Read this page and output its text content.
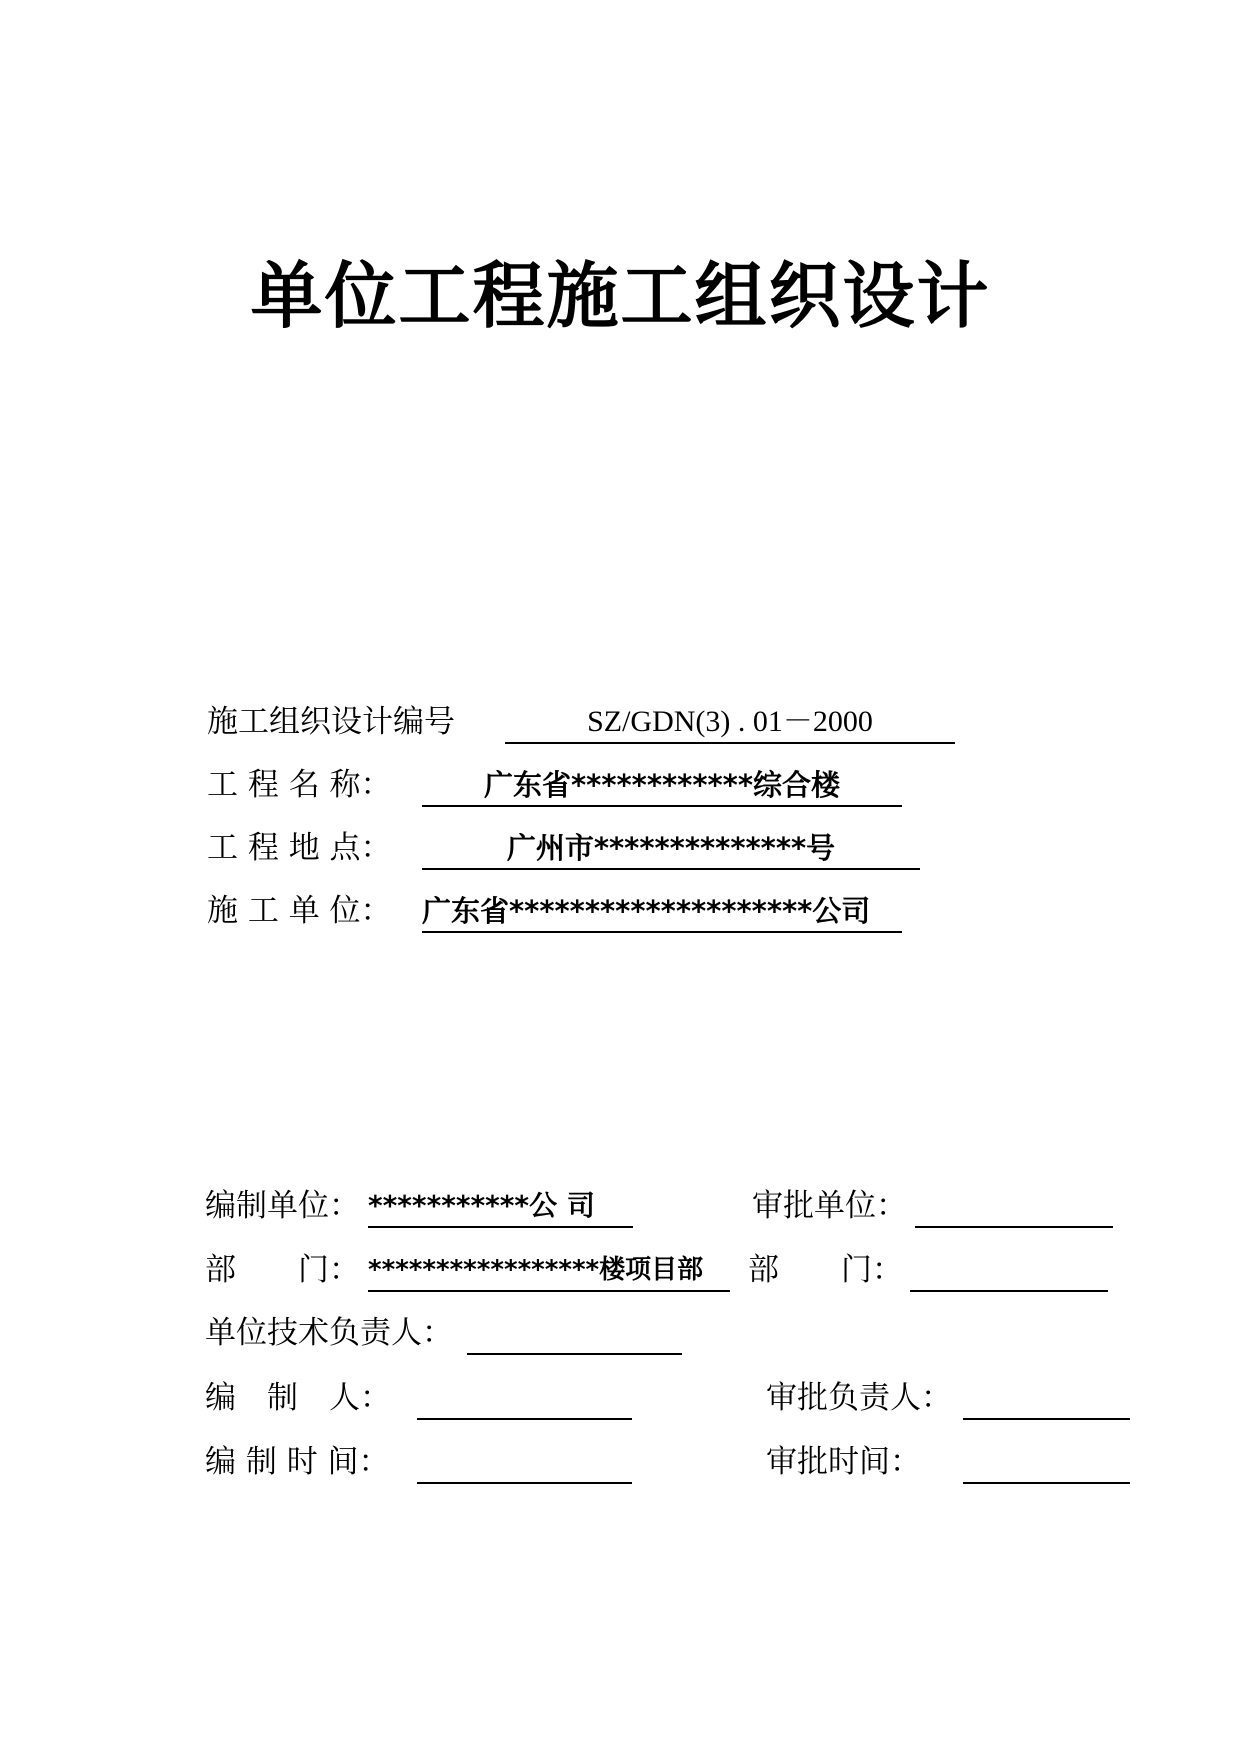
单位工程施工组织设计
施工组织设计编号	SZ/GDN(3) . 01－2000
工 程 名 称：	广东省************综合楼
工 程 地 点：	广州市**************号
施 工 单 位： 广东省********************公司
编制单位： ***********公 司	审批单位：
部　　门： *****************楼项目部	部　　门：
单位技术负责人：
编　制　人：	审批负责人：
编 制 时 间：	审批时间：
